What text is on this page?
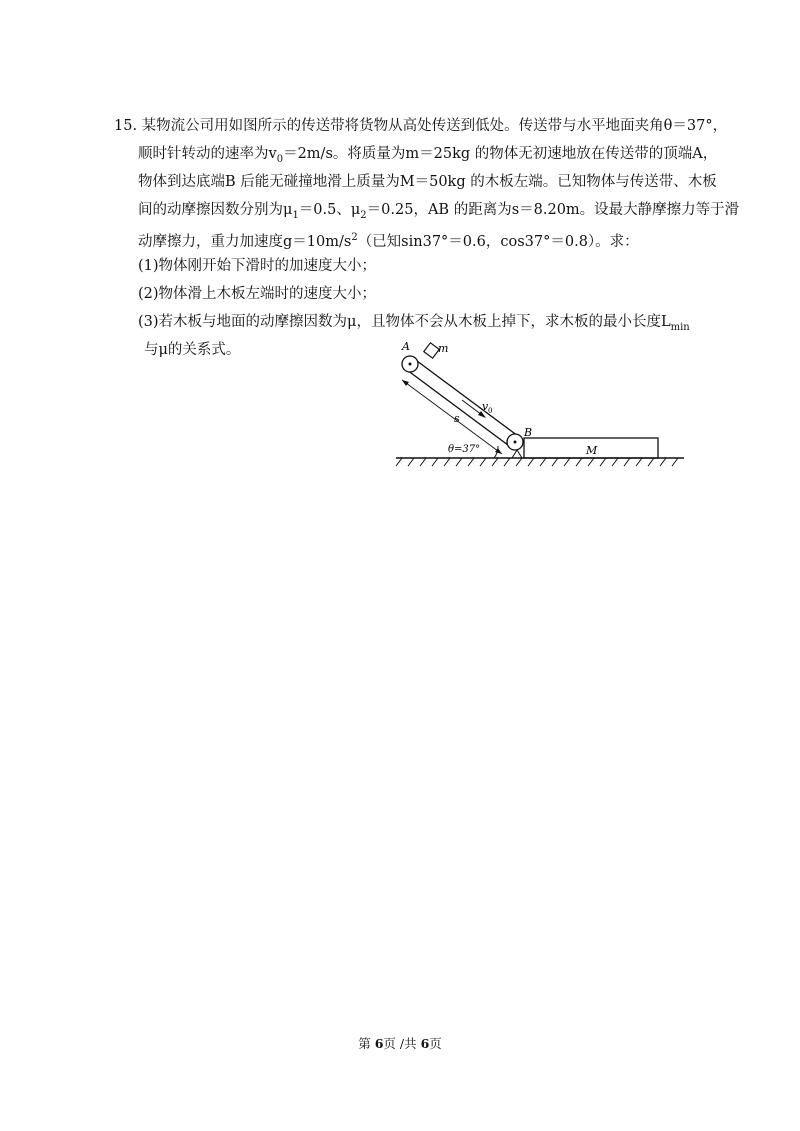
15. 某物流公司用如图所示的传送带将货物从高处传送到低处。传送带与水平地面夹角θ＝37°，
顺时针转动的速率为$v_0=2m/s$。将质量为m＝25kg 的物体无初速地放在传送带的顶端A，
物体到达底端B 后能无碰撞地滑上质量为M＝50kg 的木板左端。已知物体与传送带、木板
间的动摩擦因数分别为$\mu_1=0.5$、$\mu_2=0.25$，AB 的距离为s＝8.20m。设最大静摩擦力等于滑
动摩擦力，重力加速度$g=10m/s^2$（已知sin37°＝0.6，cos37°＝0.8）。求：
(1)物体刚开始下滑时的加速度大小；
(2)物体滑上木板左端时的速度大小；
(3)若木板与地面的动摩擦因数为μ，且物体不会从木板上掉下，求木板的最小长度$L_{min}$
与μ的关系式。	A	m
s
v 0
B
M
θ=37°
第 6页 /共 6页
